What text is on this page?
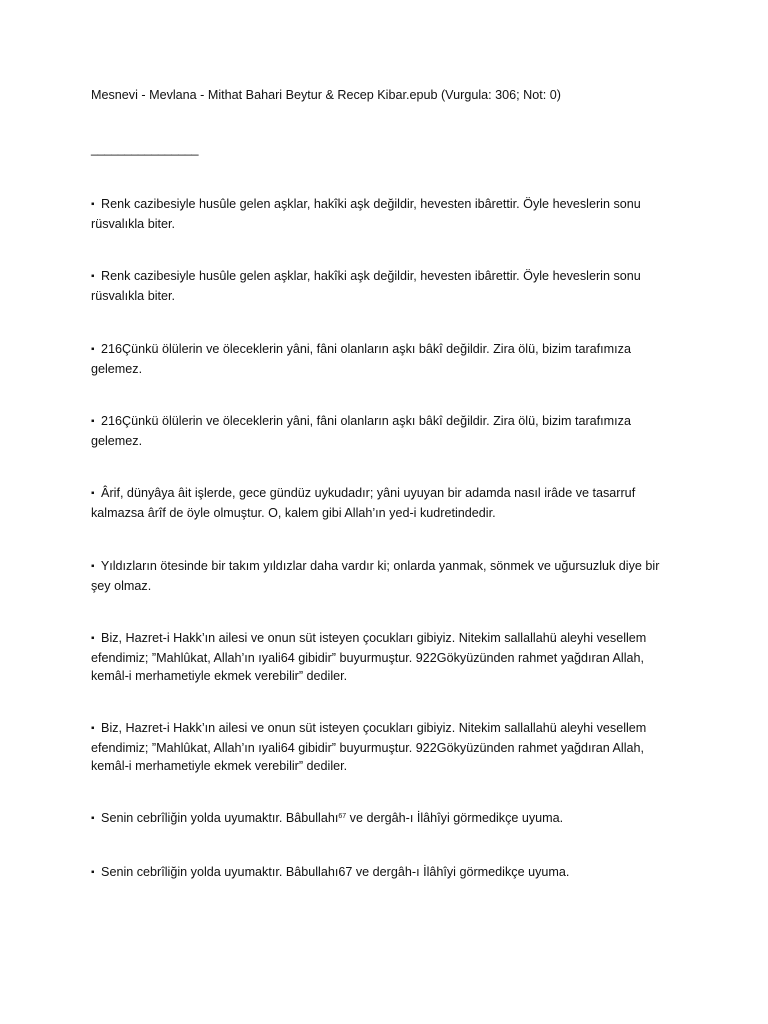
Mesnevi - Mevlana - Mithat Bahari Beytur & Recep Kibar.epub (Vurgula: 306; Not: 0)
________________
▪ Renk cazibesiyle husûle gelen aşklar, hakîki aşk değildir, hevesten ibârettir. Öyle heveslerin sonu rüsvalıkla biter.
▪ Renk cazibesiyle husûle gelen aşklar, hakîki aşk değildir, hevesten ibârettir. Öyle heveslerin sonu rüsvalıkla biter.
▪ 216Çünkü ölülerin ve öleceklerin yâni, fâni olanların aşkı bâkî değildir. Zira ölü, bizim tarafımıza gelemez.
▪ 216Çünkü ölülerin ve öleceklerin yâni, fâni olanların aşkı bâkî değildir. Zira ölü, bizim tarafımıza gelemez.
▪ Ârif, dünyâya âit işlerde, gece gündüz uykudadır; yâni uyuyan bir adamda nasıl irâde ve tasarruf kalmazsa ârîf de öyle olmuştur. O, kalem gibi Allah’ın yed-i kudretindedir.
▪ Yıldızların ötesinde bir takım yıldızlar daha vardır ki; onlarda yanmak, sönmek ve uğursuzluk diye bir şey olmaz.
▪ Biz, Hazret-i Hakk’ın ailesi ve onun süt isteyen çocukları gibiyiz. Nitekim sallallahü aleyhi vesellem efendimiz; ”Mahlûkat, Allah’ın ıyali64 gibidir” buyurmuştur. 922Gökyüzünden rahmet yağdıran Allah, kemâl-i merhametiyle ekmek verebilir” dediler.
▪ Biz, Hazret-i Hakk’ın ailesi ve onun süt isteyen çocukları gibiyiz. Nitekim sallallahü aleyhi vesellem efendimiz; ”Mahlûkat, Allah’ın ıyali64 gibidir” buyurmuştur. 922Gökyüzünden rahmet yağdıran Allah, kemâl-i merhametiyle ekmek verebilir” dediler.
▪ Senin cebrîliğin yolda uyumaktır. Bâbullahı$^{67}$ ve dergâh-ı İlâhîyi görmedikçe uyuma.
▪ Senin cebrîliğin yolda uyumaktır. Bâbullahı67 ve dergâh-ı İlâhîyi görmedikçe uyuma.
